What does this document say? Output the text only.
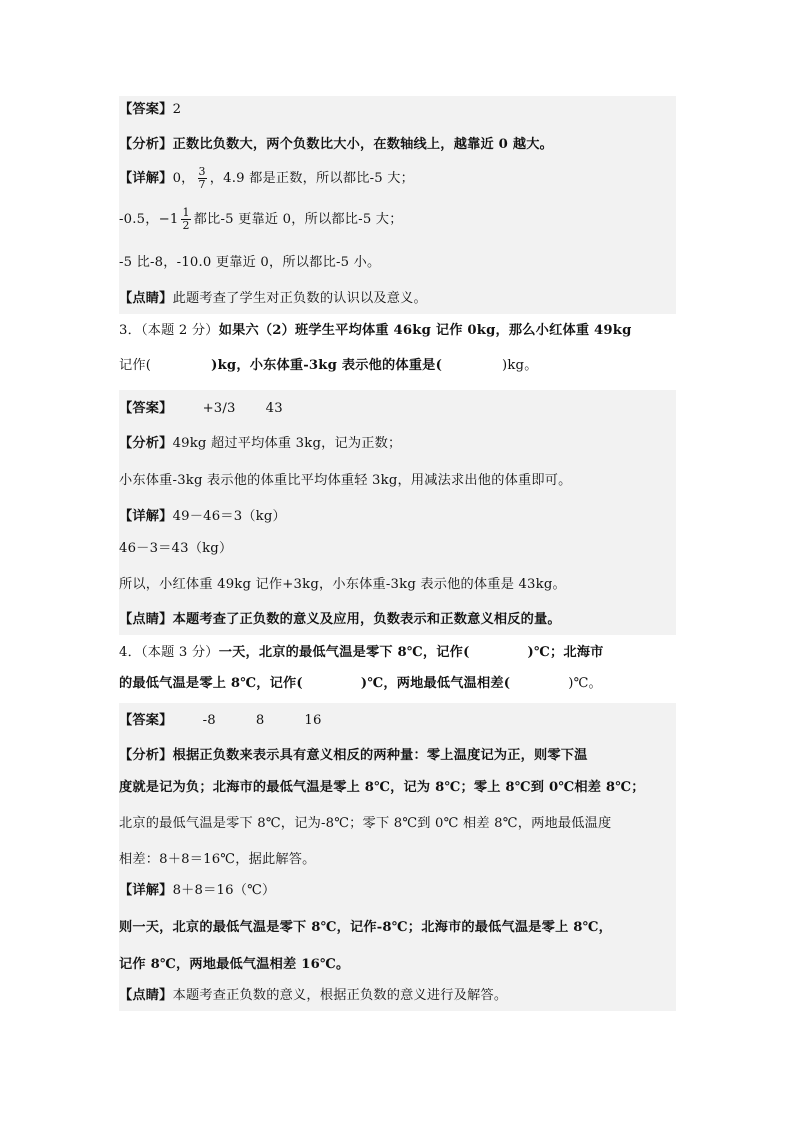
【答案】2
【分析】正数比负数大，两个负数比大小，在数轴线上，越靠近 0 越大。
【详解】0， $\frac{3}{7}$ ，4.9 都是正数，所以都比-5 大；
-0.5，$-1 \frac{1}{2}$ 都比-5 更靠近 0，所以都比-5 大；
-5 比-8，-10.0 更靠近 0，所以都比-5 小。
【点睛】此题考查了学生对正负数的认识以及意义。
3．（本题 2 分）如果六（2）班学生平均体重 46kg 记作 0kg，那么小红体重 49kg
记作(	)kg，小东体重-3kg 表示他的体重是(	)kg。
【答案】 +3/3 43
【分析】49kg 超过平均体重 3kg，记为正数；
小东体重-3kg 表示他的体重比平均体重轻 3kg，用减法求出他的体重即可。
【详解】49－46＝3（kg）
46－3＝43（kg）
所以，小红体重 49kg 记作+3kg，小东体重-3kg 表示他的体重是 43kg。
【点睛】本题考查了正负数的意义及应用，负数表示和正数意义相反的量。
4．（本题 3 分）一天，北京的最低气温是零下 8℃，记作(	)℃；北海市
的最低气温是零上 8℃，记作(	)℃，两地最低气温相差(	)℃。
【答案】 -8	8	16
【分析】根据正负数来表示具有意义相反的两种量：零上温度记为正，则零下温
度就是记为负；北海市的最低气温是零上 8℃，记为 8℃；零上 8℃到 0℃相差 8℃；
北京的最低气温是零下 8℃，记为-8℃；零下 8℃到 0℃ 相差 8℃，两地最低温度
相差：8＋8＝16℃，据此解答。
【详解】8＋8＝16（℃）
则一天，北京的最低气温是零下 8℃，记作-8℃；北海市的最低气温是零上 8℃，
记作 8℃，两地最低气温相差 16℃。
【点睛】本题考查正负数的意义，根据正负数的意义进行及解答。
